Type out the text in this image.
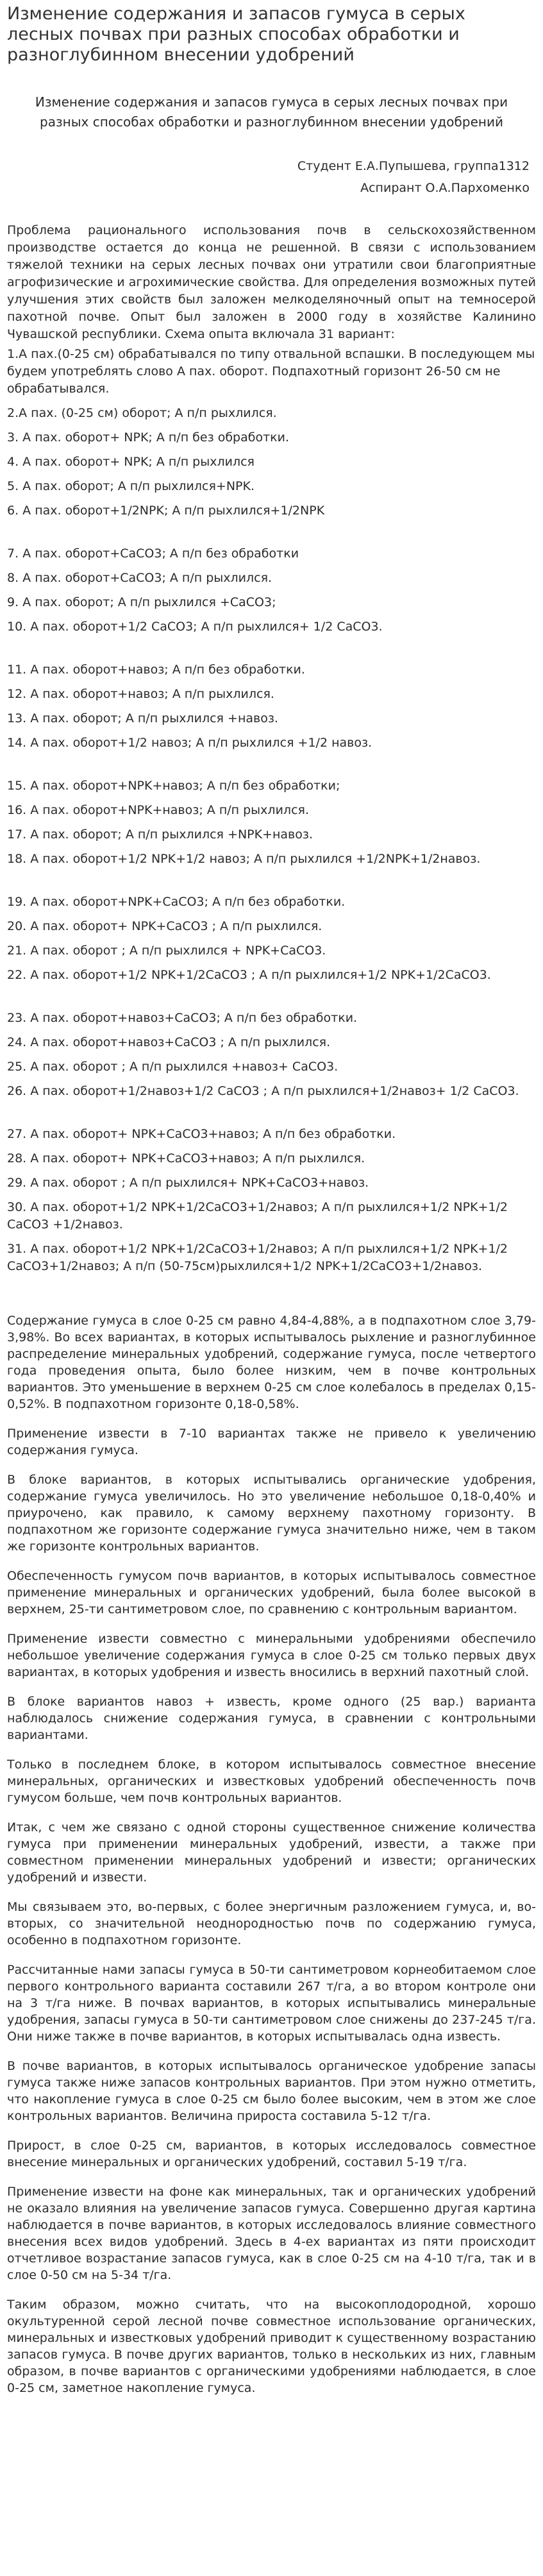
Изменение содержания и запасов гумуса в серых лесных почвах при разных способах обработки и разноглубинном внесении удобрений
Изменение содержания и запасов гумуса в серых лесных почвах при разных способах обработки и разноглубинном внесении удобрений
Студент Е.А.Пупышева, группа1312
Аспирант О.А.Пархоменко

Проблема рационального использования почв в сельскохозяйственном производстве остается до конца не решенной. В связи с использованием тяжелой техники на серых лесных почвах они утратили свои благоприятные агрофизические и агрохимические свойства. Для определения возможных путей улучшения этих свойств был заложен мелкоделяночный опыт на темносерой пахотной почве. Опыт был заложен в 2000 году в хозяйстве Калинино Чувашской республики. Схема опыта включала 31 вариант:

1.А пах.(0-25 см) обрабатывался по типу отвальной вспашки. В последующем мы будем употреблять слово А пах. оборот. Подпахотный горизонт 26-50 см не обрабатывался.
2.А пах. (0-25 см) оборот; А п/п рыхлился.
3. А пах. оборот+ NPK; А п/п без обработки.
4. А пах. оборот+ NPK; А п/п рыхлился
5. А пах. оборот; А п/п рыхлился+NPK.
6. А пах. оборот+1/2NPK; А п/п рыхлился+1/2NPK
7. А пах. оборот+СаСО3; А п/п без обработки
8. А пах. оборот+СаСО3; А п/п рыхлился.
9. А пах. оборот; А п/п рыхлился +СаСО3;
10. А пах. оборот+1/2 СаСО3; А п/п рыхлился+ 1/2 СаСО3.
11. А пах. оборот+навоз; А п/п без обработки.
12. А пах. оборот+навоз; А п/п рыхлился.
13. А пах. оборот; А п/п рыхлился +навоз.
14. А пах. оборот+1/2 навоз; А п/п рыхлился +1/2 навоз.
15. А пах. оборот+NPK+навоз; А п/п без обработки;
16. А пах. оборот+NPK+навоз; А п/п рыхлился.
17. А пах. оборот; А п/п рыхлился +NPK+навоз.
18. А пах. оборот+1/2 NPK+1/2 навоз; А п/п рыхлился +1/2NPK+1/2навоз.
19. А пах. оборот+NPK+СаСО3; А п/п без обработки.
20. А пах. оборот+ NPK+СаСО3 ; А п/п рыхлился.
21. А пах. оборот ; А п/п рыхлился + NPK+СаСО3.
22. А пах. оборот+1/2 NPK+1/2СаСО3 ; А п/п рыхлился+1/2 NPK+1/2СаСО3.
23. А пах. оборот+навоз+СаСО3; А п/п без обработки.
24. А пах. оборот+навоз+СаСО3 ; А п/п рыхлился.
25. А пах. оборот ; А п/п рыхлился +навоз+ СаСО3.
26. А пах. оборот+1/2навоз+1/2 СаСО3 ; А п/п рыхлился+1/2навоз+ 1/2 СаСО3.
27. А пах. оборот+ NPK+СаСО3+навоз; А п/п без обработки.
28. А пах. оборот+ NPK+СаСО3+навоз; А п/п рыхлился.
29. А пах. оборот ; А п/п рыхлился+ NPK+СаСО3+навоз.
30. А пах. оборот+1/2 NPK+1/2СаСО3+1/2навоз; А п/п рыхлился+1/2 NPK+1/2 СаСО3 +1/2навоз.
31. А пах. оборот+1/2 NPK+1/2СаСО3+1/2навоз; А п/п рыхлился+1/2 NPK+1/2 СаСО3+1/2навоз; А п/п (50-75см)рыхлился+1/2 NPK+1/2СаСО3+1/2навоз.

Содержание гумуса в слое 0-25 см равно 4,84-4,88%, а в подпахотном слое 3,79-3,98%. Во всех вариантах, в которых испытывалось рыхление и разноглубинное распределение минеральных удобрений, содержание гумуса, после четвертого года проведения опыта, было более низким, чем в почве контрольных вариантов. Это уменьшение в верхнем 0-25 см слое колебалось в пределах 0,15-0,52%. В подпахотном горизонте 0,18-0,58%.

Применение извести в 7-10 вариантах также не привело к увеличению содержания гумуса.

В блоке вариантов, в которых испытывались органические удобрения, содержание гумуса увеличилось. Но это увеличение небольшое 0,18-0,40% и приурочено, как правило, к самому верхнему пахотному горизонту. В подпахотном же горизонте содержание гумуса значительно ниже, чем в таком же горизонте контрольных вариантов.

Обеспеченность гумусом почв вариантов, в которых испытывалось совместное применение минеральных и органических удобрений, была более высокой в верхнем, 25-ти сантиметровом слое, по сравнению с контрольным вариантом.

Применение извести совместно с минеральными удобрениями обеспечило небольшое увеличение содержания гумуса в слое 0-25 см только первых двух вариантах, в которых удобрения и известь вносились в верхний пахотный слой.

В блоке вариантов навоз + известь, кроме одного (25 вар.) варианта наблюдалось снижение содержания гумуса, в сравнении с контрольными вариантами.

Только в последнем блоке, в котором испытывалось совместное внесение минеральных, органических и известковых удобрений обеспеченность почв гумусом больше, чем почв контрольных вариантов.

Итак, с чем же связано с одной стороны существенное снижение количества гумуса при применении минеральных удобрений, извести, а также при совместном применении минеральных удобрений и извести; органических удобрений и извести.

Мы связываем это, во-первых, с более энергичным разложением гумуса, и, во-вторых, со значительной неоднородностью почв по содержанию гумуса, особенно в подпахотном горизонте.

Рассчитанные нами запасы гумуса в 50-ти сантиметровом корнеобитаемом слое первого контрольного варианта составили 267 т/га, а во втором контроле они на 3 т/га ниже. В почвах вариантов, в которых испытывались минеральные удобрения, запасы гумуса в 50-ти сантиметровом слое снижены до 237-245 т/га. Они ниже также в почве вариантов, в которых испытывалась одна известь.

В почве вариантов, в которых испытывалось органическое удобрение запасы гумуса также ниже запасов контрольных вариантов. При этом нужно отметить, что накопление гумуса в слое 0-25 см было более высоким, чем в этом же слое контрольных вариантов. Величина прироста составила 5-12 т/га.

Прирост, в слое 0-25 см, вариантов, в которых исследовалось совместное внесение минеральных и органических удобрений, составил 5-19 т/га.

Применение извести на фоне как минеральных, так и органических удобрений не оказало влияния на увеличение запасов гумуса. Совершенно другая картина наблюдается в почве вариантов, в которых исследовалось влияние совместного внесения всех видов удобрений. Здесь в 4-ех вариантах из пяти происходит отчетливое возрастание запасов гумуса, как в слое 0-25 см на 4-10 т/га, так и в слое 0-50 см на 5-34 т/га.

Таким образом, можно считать, что на высокоплодородной, хорошо окультуренной серой лесной почве совместное использование органических, минеральных и известковых удобрений приводит к существенному возрастанию запасов гумуса. В почве других вариантов, только в нескольких из них, главным образом, в почве вариантов с органическими удобрениями наблюдается, в слое 0-25 см, заметное накопление гумуса.
